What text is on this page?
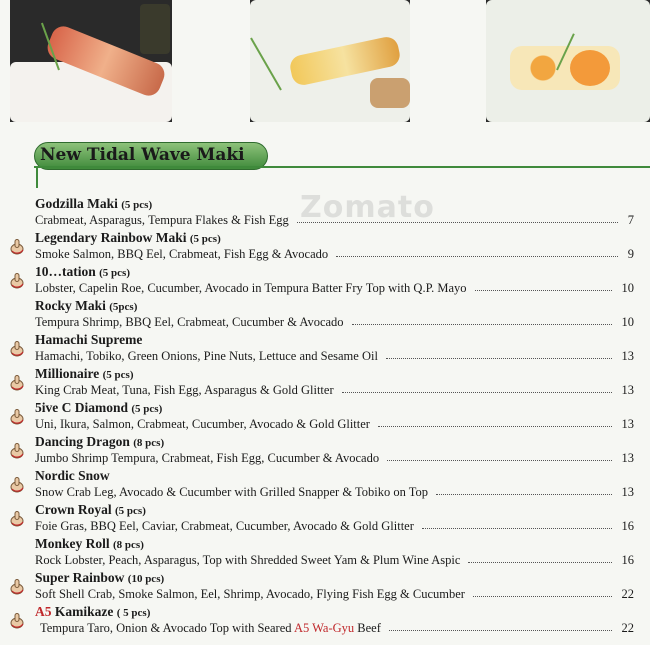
New Tidal Wave Maki
Zomato
Godzilla Maki (5 pcs)
Crabmeat, Asparagus, Tempura Flakes & Fish Egg	7
Legendary Rainbow Maki (5 pcs)
Smoke Salmon, BBQ Eel, Crabmeat, Fish Egg & Avocado	9
10…tation (5 pcs)
Lobster, Capelin Roe, Cucumber, Avocado in Tempura Batter Fry Top with Q.P. Mayo	10
Rocky Maki (5pcs)
Tempura Shrimp, BBQ Eel, Crabmeat, Cucumber & Avocado	10
Hamachi Supreme
Hamachi, Tobiko, Green Onions, Pine Nuts, Lettuce and Sesame Oil	13
Millionaire (5 pcs)
King Crab Meat, Tuna, Fish Egg, Asparagus & Gold Glitter	13
5ive C Diamond (5 pcs)
Uni, Ikura, Salmon, Crabmeat, Cucumber, Avocado & Gold Glitter	13
Dancing Dragon (8 pcs)
Jumbo Shrimp Tempura, Crabmeat, Fish Egg, Cucumber & Avocado	13
Nordic Snow
Snow Crab Leg, Avocado & Cucumber with Grilled Snapper & Tobiko on Top	13
Crown Royal (5 pcs)
Foie Gras, BBQ Eel, Caviar, Crabmeat, Cucumber, Avocado & Gold Glitter	16
Monkey Roll (8 pcs)
Rock Lobster, Peach, Asparagus, Top with Shredded Sweet Yam & Plum Wine Aspic	16
Super Rainbow (10 pcs)
Soft Shell Crab, Smoke Salmon, Eel, Shrimp, Avocado, Flying Fish Egg & Cucumber	22
A5 Kamikaze ( 5 pcs)
Tempura Taro, Onion & Avocado Top with Seared A5 Wa-Gyu Beef	22
